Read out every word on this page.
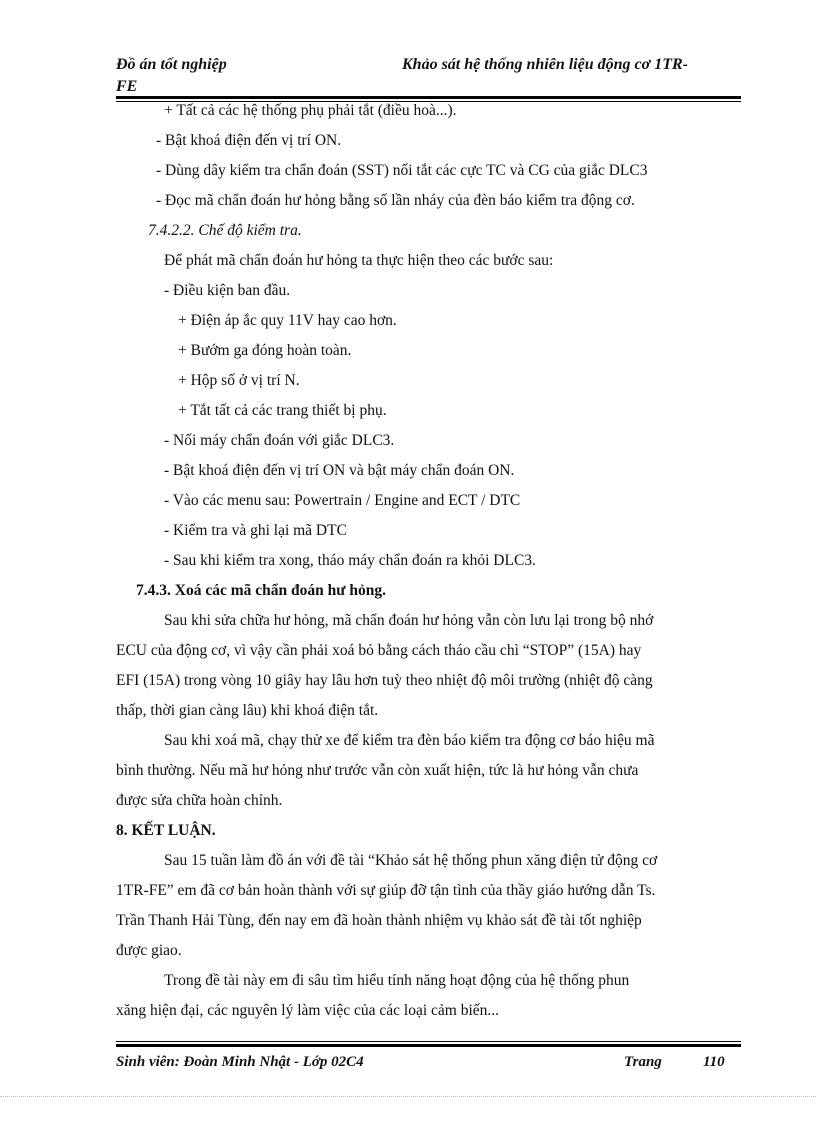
Đồ án tốt nghiệp
FE
Khảo sát hệ thống nhiên liệu động cơ 1TR-
+ Tất cả các hệ thống phụ phải tắt (điều hoà...).
- Bật khoá điện đến vị trí ON.
- Dùng dây kiểm tra chẩn đoán (SST) nối tắt các cực TC và CG của giắc DLC3
- Đọc mã chẩn đoán hư hỏng bằng số lần nháy của đèn báo kiểm tra động cơ.
7.4.2.2. Chế độ kiểm tra.
Để phát mã chẩn đoán hư hỏng ta thực hiện theo các bước sau:
- Điều kiện ban đầu.
+ Điện áp ắc quy 11V hay cao hơn.
+ Bướm ga đóng hoàn toàn.
+ Hộp số ở vị trí N.
+ Tắt tất cả các trang thiết bị phụ.
- Nối máy chẩn đoán với giắc DLC3.
- Bật khoá điện đến vị trí ON và bật máy chẩn đoán ON.
- Vào các menu sau: Powertrain / Engine and ECT / DTC
- Kiểm tra và ghi lại mã DTC
- Sau khi kiểm tra xong, tháo máy chẩn đoán ra khỏi DLC3.
7.4.3. Xoá các mã chẩn đoán hư hỏng.
Sau khi sửa chữa hư hỏng, mã chẩn đoán hư hỏng vẫn còn lưu lại trong bộ nhớ
ECU của động cơ, vì vậy cần phải xoá bỏ bằng cách tháo cầu chì “STOP” (15A) hay
EFI (15A) trong vòng 10 giây hay lâu hơn tuỳ theo nhiệt độ môi trường (nhiệt độ càng
thấp, thời gian càng lâu) khi khoá điện tắt.
Sau khi xoá mã, chạy thử xe để kiểm tra đèn báo kiểm tra động cơ báo hiệu mã
bình thường. Nếu mã hư hỏng như trước vẫn còn xuất hiện, tức là hư hỏng vẫn chưa
được sửa chữa hoàn chỉnh.
8. KẾT LUẬN.
Sau 15 tuần làm đồ án với đề tài “Khảo sát hệ thống phun xăng điện tử động cơ
1TR-FE” em đã cơ bản hoàn thành với sự giúp đỡ tận tình của thầy giáo hướng dẫn Ts.
Trần Thanh Hải Tùng, đến nay em đã hoàn thành nhiệm vụ khảo sát đề tài tốt nghiệp
được giao.
Trong đề tài này em đi sâu tìm hiểu tính năng hoạt động của hệ thống phun
xăng hiện đại, các nguyên lý làm việc của các loại cảm biến...
Sinh viên: Đoàn Minh Nhật - Lớp 02C4	Trang	110
